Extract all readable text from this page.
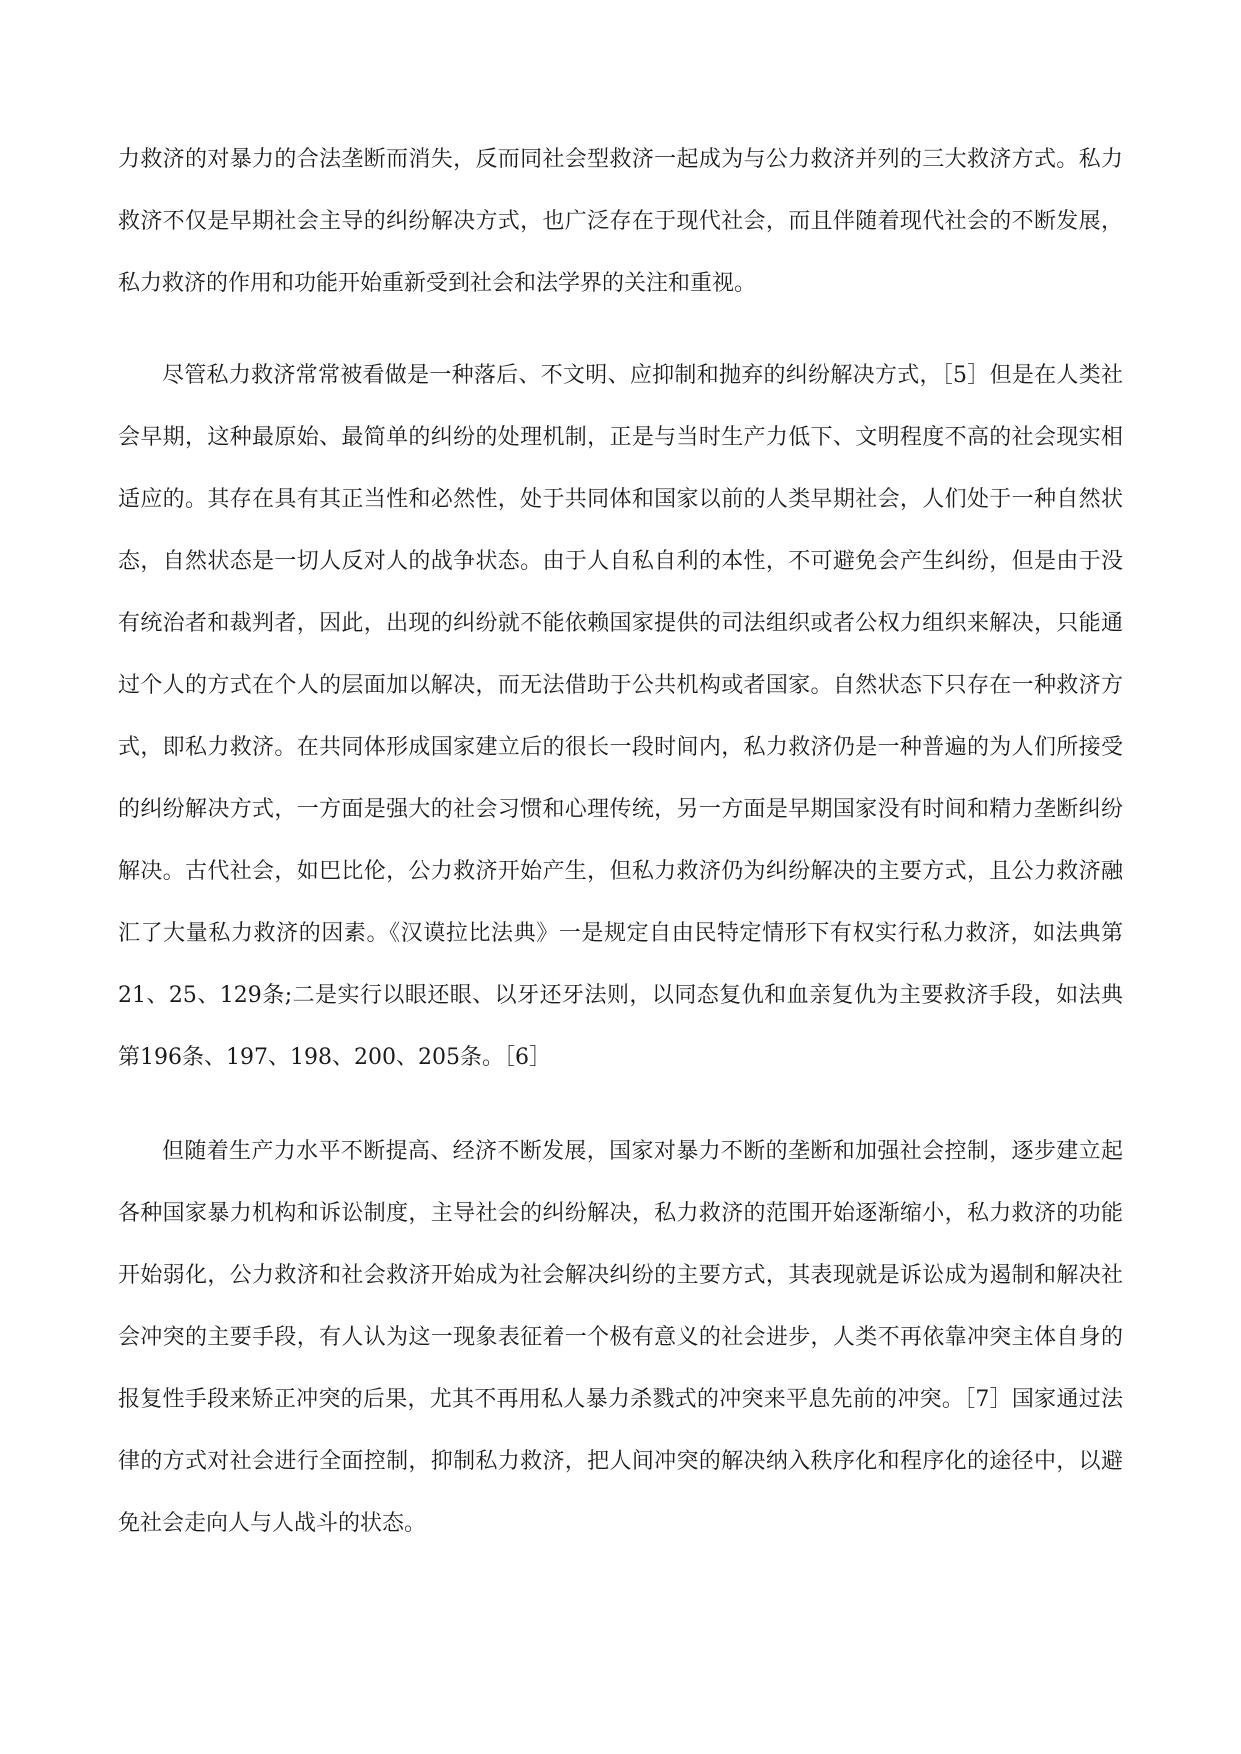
力救济的对暴力的合法垄断而消失，反而同社会型救济一起成为与公力救济并列的三大救济方式。私力救济不仅是早期社会主导的纠纷解决方式，也广泛存在于现代社会，而且伴随着现代社会的不断发展，私力救济的作用和功能开始重新受到社会和法学界的关注和重视。

尽管私力救济常常被看做是一种落后、不文明、应抑制和抛弃的纠纷解决方式，［5］但是在人类社会早期，这种最原始、最简单的纠纷的处理机制，正是与当时生产力低下、文明程度不高的社会现实相适应的。其存在具有其正当性和必然性，处于共同体和国家以前的人类早期社会，人们处于一种自然状态，自然状态是一切人反对人的战争状态。由于人自私自利的本性，不可避免会产生纠纷，但是由于没有统治者和裁判者，因此，出现的纠纷就不能依赖国家提供的司法组织或者公权力组织来解决，只能通过个人的方式在个人的层面加以解决，而无法借助于公共机构或者国家。自然状态下只存在一种救济方式，即私力救济。在共同体形成国家建立后的很长一段时间内，私力救济仍是一种普遍的为人们所接受的纠纷解决方式，一方面是强大的社会习惯和心理传统，另一方面是早期国家没有时间和精力垄断纠纷解决。古代社会，如巴比伦，公力救济开始产生，但私力救济仍为纠纷解决的主要方式，且公力救济融汇了大量私力救济的因素。《汉谟拉比法典》一是规定自由民特定情形下有权实行私力救济，如法典第21、25、129条;二是实行以眼还眼、以牙还牙法则，以同态复仇和血亲复仇为主要救济手段，如法典第196条、197、198、200、205条。［6］

但随着生产力水平不断提高、经济不断发展，国家对暴力不断的垄断和加强社会控制，逐步建立起各种国家暴力机构和诉讼制度，主导社会的纠纷解决，私力救济的范围开始逐渐缩小，私力救济的功能开始弱化，公力救济和社会救济开始成为社会解决纠纷的主要方式，其表现就是诉讼成为遏制和解决社会冲突的主要手段，有人认为这一现象表征着一个极有意义的社会进步，人类不再依靠冲突主体自身的报复性手段来矫正冲突的后果，尤其不再用私人暴力杀戮式的冲突来平息先前的冲突。［7］国家通过法律的方式对社会进行全面控制，抑制私力救济，把人间冲突的解决纳入秩序化和程序化的途径中，以避免社会走向人与人战斗的状态。
